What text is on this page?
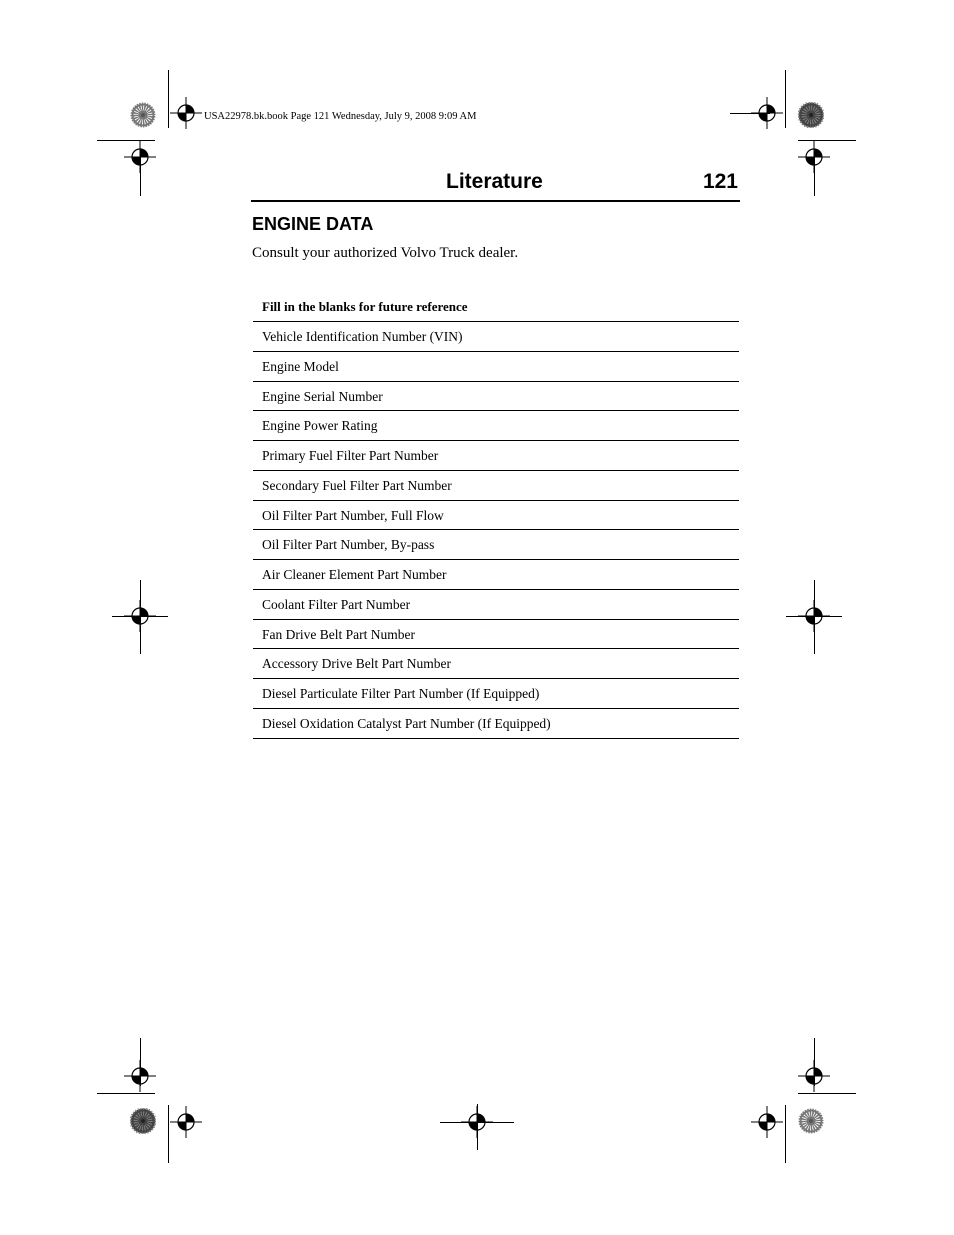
USA22978.bk.book Page 121 Wednesday, July 9, 2008 9:09 AM
Literature	121
ENGINE DATA
Consult your authorized Volvo Truck dealer.
Fill in the blanks for future reference
Vehicle Identification Number (VIN)
Engine Model
Engine Serial Number
Engine Power Rating
Primary Fuel Filter Part Number
Secondary Fuel Filter Part Number
Oil Filter Part Number, Full Flow
Oil Filter Part Number, By-pass
Air Cleaner Element Part Number
Coolant Filter Part Number
Fan Drive Belt Part Number
Accessory Drive Belt Part Number
Diesel Particulate Filter Part Number (If Equipped)
Diesel Oxidation Catalyst Part Number (If Equipped)
